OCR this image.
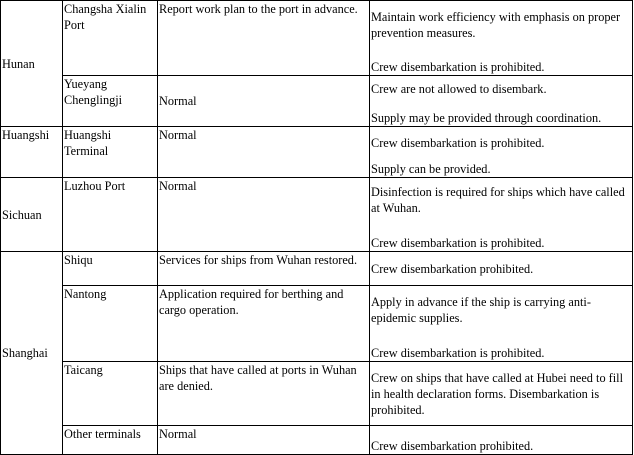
Hunan	Changsha Xialin Port	Report work plan to the port in advance.	Maintain work efficiency with emphasis on proper prevention measures.
Crew disembarkation is prohibited.

	Yueyang Chenglingji	Normal	Crew are not allowed to disembark.
Supply may be provided through coordination.

Huangshi	Huangshi Terminal	Normal	Crew disembarkation is prohibited.
Supply can be provided.

Sichuan	Luzhou Port	Normal	Disinfection is required for ships which have called at Wuhan.
Crew disembarkation is prohibited.

Shanghai	Shiqu	Services for ships from Wuhan restored.	Crew disembarkation prohibited.

	Nantong	Application required for berthing and cargo operation.	Apply in advance if the ship is carrying anti-epidemic supplies.
Crew disembarkation is prohibited.

	Taicang	Ships that have called at ports in Wuhan are denied.	Crew on ships that have called at Hubei need to fill in health declaration forms. Disembarkation is prohibited.

	Other terminals	Normal	Crew disembarkation prohibited.
